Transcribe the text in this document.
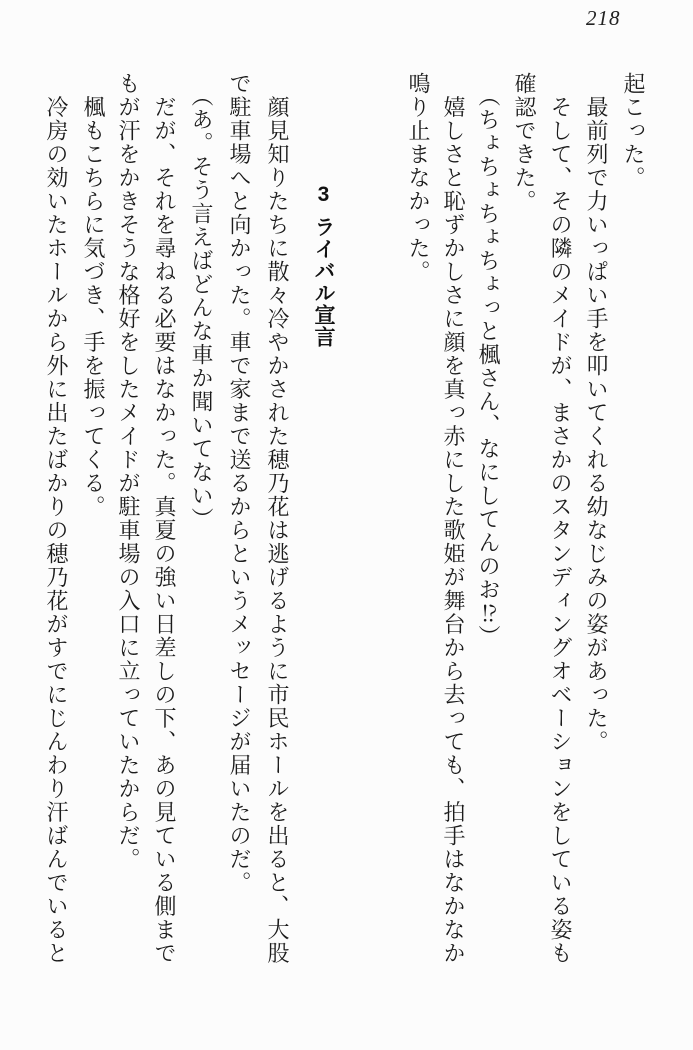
218
起こった。
　最前列で力いっぱい手を叩いてくれる幼なじみの姿があった。
　そして、その隣のメイドが、まさかのスタンディングオベーションをしている姿も
確認できた。
　（ちょちょちょちょっと楓さん、なにしてんのお⁉）
　嬉しさと恥ずかしさに顔を真っ赤にした歌姫が舞台から去っても、拍手はなかなか
鳴り止まなかった。
3ライバル宣言
　顔見知りたちに散々冷やかされた穂乃花は逃げるように市民ホールを出ると、大股
で駐車場へと向かった。車で家まで送るからというメッセージが届いたのだ。
　（あ。そう言えばどんな車か聞いてない）
　だが、それを尋ねる必要はなかった。真夏の強い日差しの下、あの見ている側まで
もが汗をかきそうな格好をしたメイドが駐車場の入口に立っていたからだ。
　楓もこちらに気づき、手を振ってくる。
　冷房の効いたホールから外に出たばかりの穂乃花がすでにじんわり汗ばんでいると
